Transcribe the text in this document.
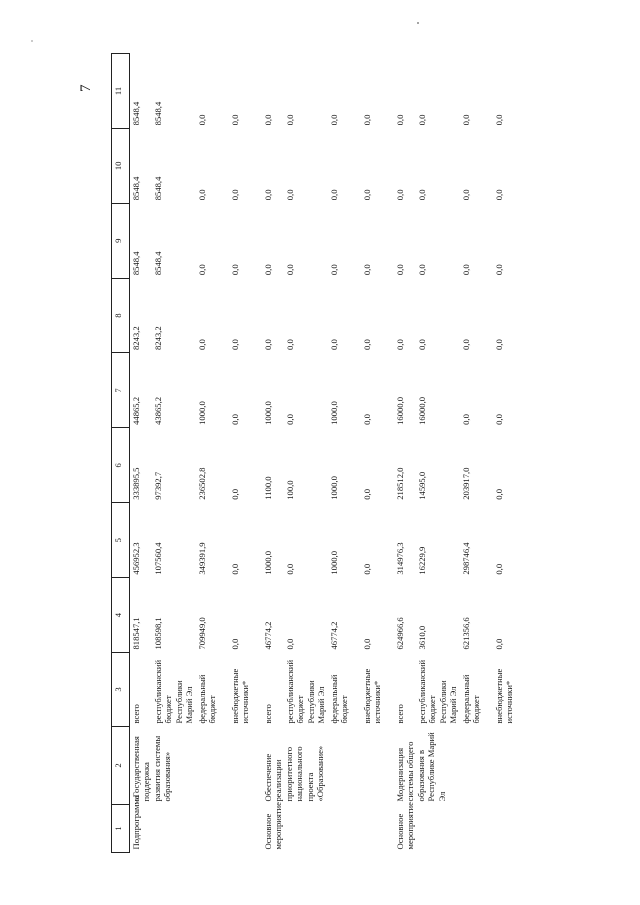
7
1	2	3	4	5	6	7	8	9	10	11
Подпрограмма	«Государственная поддержка развития системы образования»	всего	818547,1	456952,3	333895,5	44865,2	8243,2	8548,4	8548,4	8548,4
		республиканский бюджет Республики Марий Эл	108598,1	107560,4	97392,7	43865,2	8243,2	8548,4	8548,4	8548,4
		федеральный бюджет	709949,0	349391,9	236502,8	1000,0	0,0	0,0	0,0	0,0
		внебюджетные источники*	0,0	0,0	0,0	0,0	0,0	0,0	0,0	0,0
Основное мероприятие	Обеспечение реализации приоритетного национального проекта «Образование»	всего	46774,2	1000,0	1100,0	1000,0	0,0	0,0	0,0	0,0
		республиканский бюджет Республики Марий Эл	0,0	0,0	100,0	0,0	0,0	0,0	0,0	0,0
		федеральный бюджет	46774,2	1000,0	1000,0	1000,0	0,0	0,0	0,0	0,0
		внебюджетные источники*	0,0	0,0	0,0	0,0	0,0	0,0	0,0	0,0
Основное мероприятие	Модернизация системы общего образования в Республике Марий Эл	всего	624966,6	314976,3	218512,0	16000,0	0,0	0,0	0,0	0,0
		республиканский бюджет Республики Марий Эл	3610,0	16229,9	14595,0	16000,0	0,0	0,0	0,0	0,0
		федеральный бюджет	621356,6	298746,4	203917,0	0,0	0,0	0,0	0,0	0,0
		внебюджетные источники*	0,0	0,0	0,0	0,0	0,0	0,0	0,0	0,0
